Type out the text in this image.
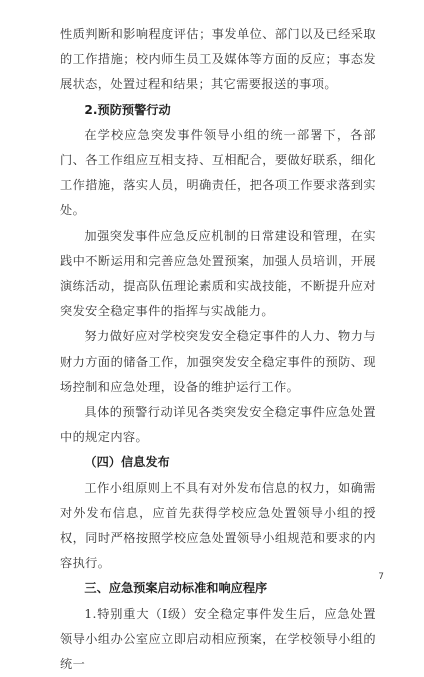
性质判断和影响程度评估；事发单位、部门以及已经采取的工作措施；校内师生员工及媒体等方面的反应；事态发展状态，处置过程和结果；其它需要报送的事项。

2.预防预警行动

在学校应急突发事件领导小组的统一部署下，各部门、各工作组应互相支持、互相配合，要做好联系，细化工作措施，落实人员，明确责任，把各项工作要求落到实处。

加强突发事件应急反应机制的日常建设和管理，在实践中不断运用和完善应急处置预案，加强人员培训，开展演练活动，提高队伍理论素质和实战技能，不断提升应对突发安全稳定事件的指挥与实战能力。

努力做好应对学校突发安全稳定事件的人力、物力与财力方面的储备工作，加强突发安全稳定事件的预防、现场控制和应急处理，设备的维护运行工作。

具体的预警行动详见各类突发安全稳定事件应急处置中的规定内容。

（四）信息发布

工作小组原则上不具有对外发布信息的权力，如确需对外发布信息，应首先获得学校应急处置领导小组的授权，同时严格按照学校应急处置领导小组规范和要求的内容执行。

三、应急预案启动标准和响应程序

1.特别重大（Ⅰ级）安全稳定事件发生后，应急处置领导小组办公室应立即启动相应预案，在学校领导小组的统一

7
